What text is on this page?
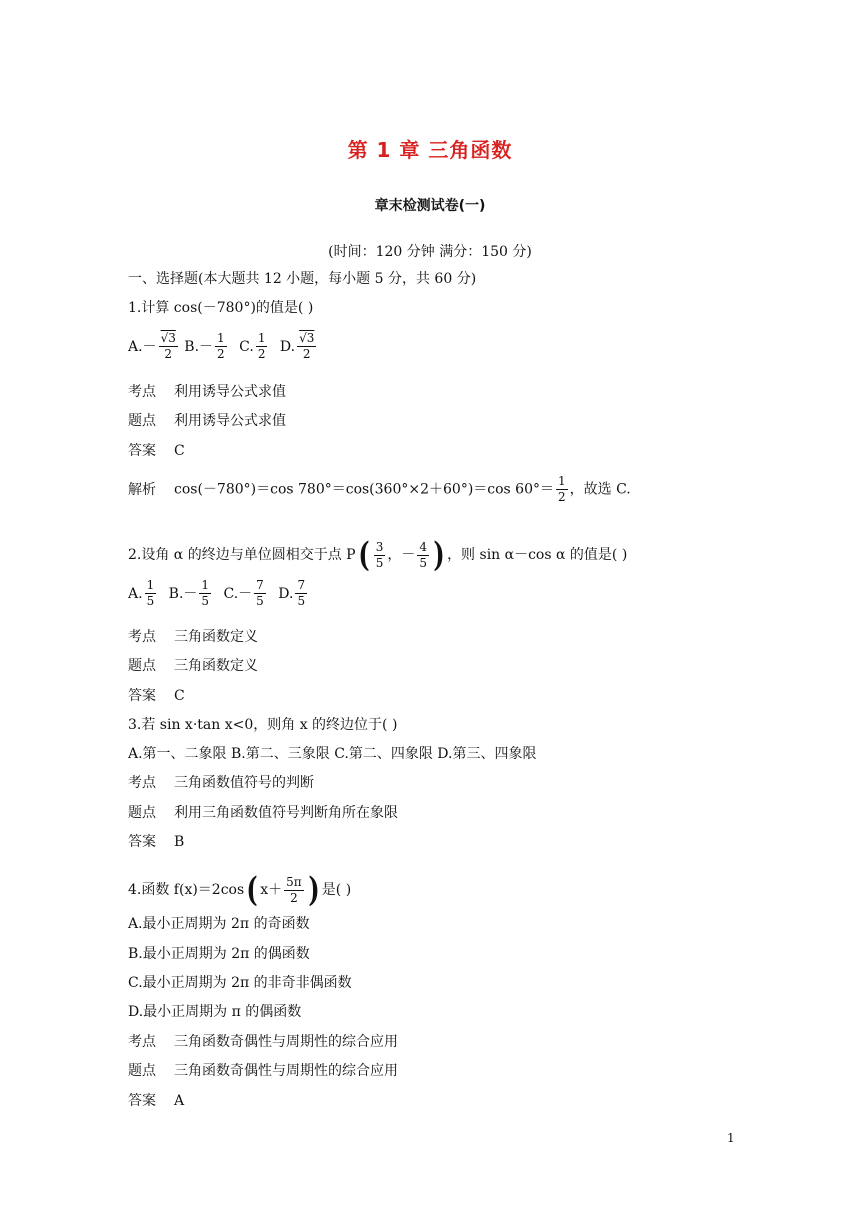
第 1 章 三角函数
章末检测试卷(一)
(时间：120 分钟 满分：150 分)
一、选择题(本大题共 12 小题，每小题 5 分，共 60 分)
1.计算 cos(－780°)的值是( )
$A.- \frac{√3}{2} B.- \frac{1}{2} C$. $\frac{1}{2} D$. $\frac{√3}{2}$
考点 利用诱导公式求值
题点 利用诱导公式求值
答案 C
解析 cos(－780°)＝cos 780°＝cos(360°×2＋60°)＝cos $60^\circ= \frac{1}{2}$ ，故选 C.
2.设角 α 的终边与单位圆相交于点 $P( \frac{3}{5}$ ，－ $\frac{4}{5}$ ) ，则 sin α－cos α 的值是( )
A. $\frac{1}{5} B.- \frac{1}{5} C.- \frac{7}{5} D$. $\frac{7}{5}$
考点 三角函数定义
题点 三角函数定义
答案 C
3.若 sin x·tan x<0，则角 x 的终边位于( )
A.第一、二象限 B.第二、三象限 C.第二、四象限 D.第三、四象限
考点 三角函数值符号的判断
题点 利用三角函数值符号判断角所在象限
答案 B
4.函数 f(x)＝2cos( $x+ \frac{5\pi}{2}$ ) 是( )
A.最小正周期为 2π 的奇函数
B.最小正周期为 2π 的偶函数
C.最小正周期为 2π 的非奇非偶函数
D.最小正周期为 π 的偶函数
考点 三角函数奇偶性与周期性的综合应用
题点 三角函数奇偶性与周期性的综合应用
答案 A
1
